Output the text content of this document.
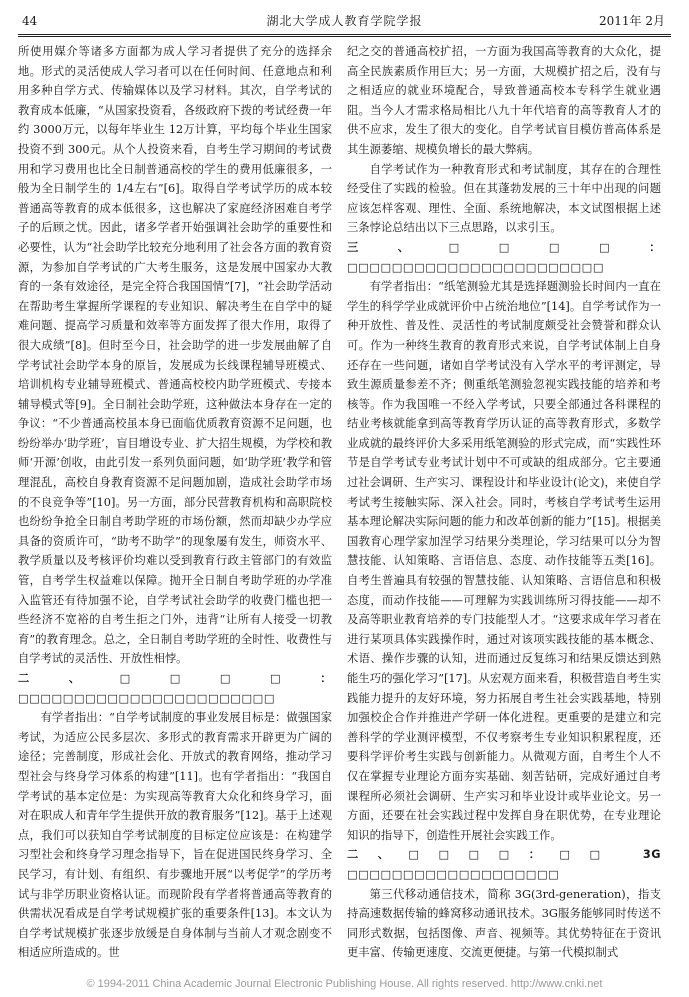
44	湖北大学成人教育学院学报	2011年 2月

所使用媒介等诸多方面都为成人学习者提供了充分的选择余地。形式的灵活使成人学习者可以在任何时间、任意地点和利用多种自学方式、传输媒体以及学习材料。其次，自学考试的教育成本低廉，“从国家投资看，各级政府下拨的考试经费一年约 3000万元，以每年毕业生 12万计算，平均每个毕业生国家投资不到 300元。从个人投资来看，自考生学习期间的考试费用和学习费用也比全日制普通高校的学生的费用低廉很多，一般为全日制学生的 1/4左右”[6]。取得自学考试学历的成本较普通高等教育的成本低很多，这也解决了家庭经济困难自考学子的后顾之忧。因此，诸多学者开始强调社会助学的重要性和必要性，认为“社会助学比较充分地利用了社会各方面的教育资源，为参加自学考试的广大考生服务，这是发展中国家办大教育的一条有效途径，是完全符合我国国情”[7]，“社会助学活动在帮助考生掌握所学课程的专业知识、解决考生在自学中的疑难问题、提高学习质量和效率等方面发挥了很大作用，取得了很大成绩”[8]。但时至今日，社会助学的进一步发展曲解了自学考试社会助学本身的原旨，发展成为长线课程辅导班模式、培训机构专业辅导班模式、普通高校校内助学班模式、专接本辅导模式等[9]。全日制社会助学班，这种做法本身存在一定的争议：“不少普通高校虽本身已面临优质教育资源不足问题，也纷纷举办‘助学班’，盲目增设专业、扩大招生规模，为学校和教师‘开源’创收，由此引发一系列负面问题，如‘助学班’教学和管理混乱，高校自身教育资源不足问题加剧，造成社会助学市场的不良竞争等”[10]。另一方面，部分民营教育机构和高职院校也纷纷争抢全日制自考助学班的市场份额，然而却缺少办学应具备的资质许可，“助考不助学”的现象屡有发生，师资水平、教学质量以及考核评价均难以受到教育行政主管部门的有效监管，自考学生权益难以保障。抛开全日制自考助学班的办学准入监管还有待加强不论，自学考试社会助学的收费门槛也把一些经济不宽裕的自考生拒之门外，违背“让所有人接受一切教育”的教育理念。总之，全日制自考助学班的全时性、收费性与自学考试的灵活性、开放性相悖。

二、□□□□：□□□□□□□□□□□□□□□□□□□□□□□

有学者指出：“自学考试制度的事业发展目标是：做强国家考试，为适应公民多层次、多形式的教育需求开辟更为广阔的途径；完善制度，形成社会化、开放式的教育网络，推动学习型社会与终身学习体系的构建”[11]。也有学者指出：“我国自学考试的基本定位是：为实现高等教育大众化和终身学习，面对在职成人和青年学生提供开放的教育服务”[12]。基于上述观点，我们可以获知自学考试制度的目标定位应该是：在构建学习型社会和终身学习理念指导下，旨在促进国民终身学习、全民学习，有计划、有组织、有步骤地开展“以考促学”的学历考试与非学历职业资格认证。而现阶段有学者将普通高等教育的供需状况看成是自学考试规模扩张的重要条件[13]。本文认为自学考试规模扩张逐步放缓是自身体制与当前人才观念剧变不相适应所造成的。世

纪之交的普通高校扩招，一方面为我国高等教育的大众化，提高全民族素质作用巨大；另一方面，大规模扩招之后，没有与之相适应的就业环境配合，导致普通高校本专科学生就业遇阻。当今人才需求格局相比八九十年代培育的高等教育人才的供不应求，发生了很大的变化。自学考试盲目模仿普高体系是其生源萎缩、规模负增长的最大弊病。

自学考试作为一种教育形式和考试制度，其存在的合理性经受住了实践的检验。但在其蓬勃发展的三十年中出现的问题应该怎样客观、理性、全面、系统地解决，本文试图根据上述三条悖论总结出以下三点思路，以求引玉。

三、□□□□：□□□□□□□□□□□□□□□□□□□□□□□

有学者指出：“纸笔测验尤其是选择题测验长时间内一直在学生的科学学业成就评价中占统治地位”[14]。自学考试作为一种开放性、普及性、灵活性的考试制度颇受社会赞誉和群众认可。作为一种终生教育的教育形式来说，自学考试体制上自身还存在一些问题，诸如自学考试没有入学水平的考评测定，导致生源质量参差不齐；侧重纸笔测验忽视实践技能的培养和考核等。作为我国唯一不经入学考试，只要全部通过各科课程的结业考核就能拿到高等教育学历认证的高等教育形式，多数学业成就的最终评价大多采用纸笔测验的形式完成，而“实践性环节是自学考试专业考试计划中不可或缺的组成部分。它主要通过社会调研、生产实习、课程设计和毕业设计(论文)，来使自学考试考生接触实际、深入社会。同时，考核自学考试考生运用基本理论解决实际问题的能力和改革创新的能力”[15]。根据美国教育心理学家加涅学习结果分类理论，学习结果可以分为智慧技能、认知策略、言语信息、态度、动作技能等五类[16]。自考生普遍具有较强的智慧技能、认知策略、言语信息和积极态度，而动作技能——可理解为实践训练所习得技能——却不及高等职业教育培养的专门技能型人才。“这要求成年学习者在进行某项具体实践操作时，通过对该项实践技能的基本概念、术语、操作步骤的认知，进而通过反复练习和结果反馈达到熟能生巧的强化学习”[17]。从宏观方面来看，积极营造自考生实践能力提升的友好环境，努力拓展自考生社会实践基地，特别加强校企合作并推进产学研一体化进程。更重要的是建立和完善科学的学业测评模型，不仅考察考生专业知识积累程度，还要科学评价考生实践与创新能力。从微观方面，自考生个人不仅在掌握专业理论方面夯实基础、刻苦钻研，完成好通过自考课程所必须社会调研、生产实习和毕业设计或毕业论文。另一方面，还要在社会实践过程中发挥自身在职优势，在专业理论知识的指导下，创造性开展社会实践工作。

二、□□□□：□□ 3G □□□□□□□□□□□□□□□□□□□

第三代移动通信技术，简称 3G(3rd-generation)，指支持高速数据传输的蜂窝移动通讯技术。3G服务能够同时传送不同形式数据，包括图像、声音、视频等。其优势特征在于资讯更丰富、传输更速度、交流更便捷。与第一代模拟制式

© 1994-2011 China Academic Journal Electronic Publishing House. All rights reserved. http://www.cnki.net
